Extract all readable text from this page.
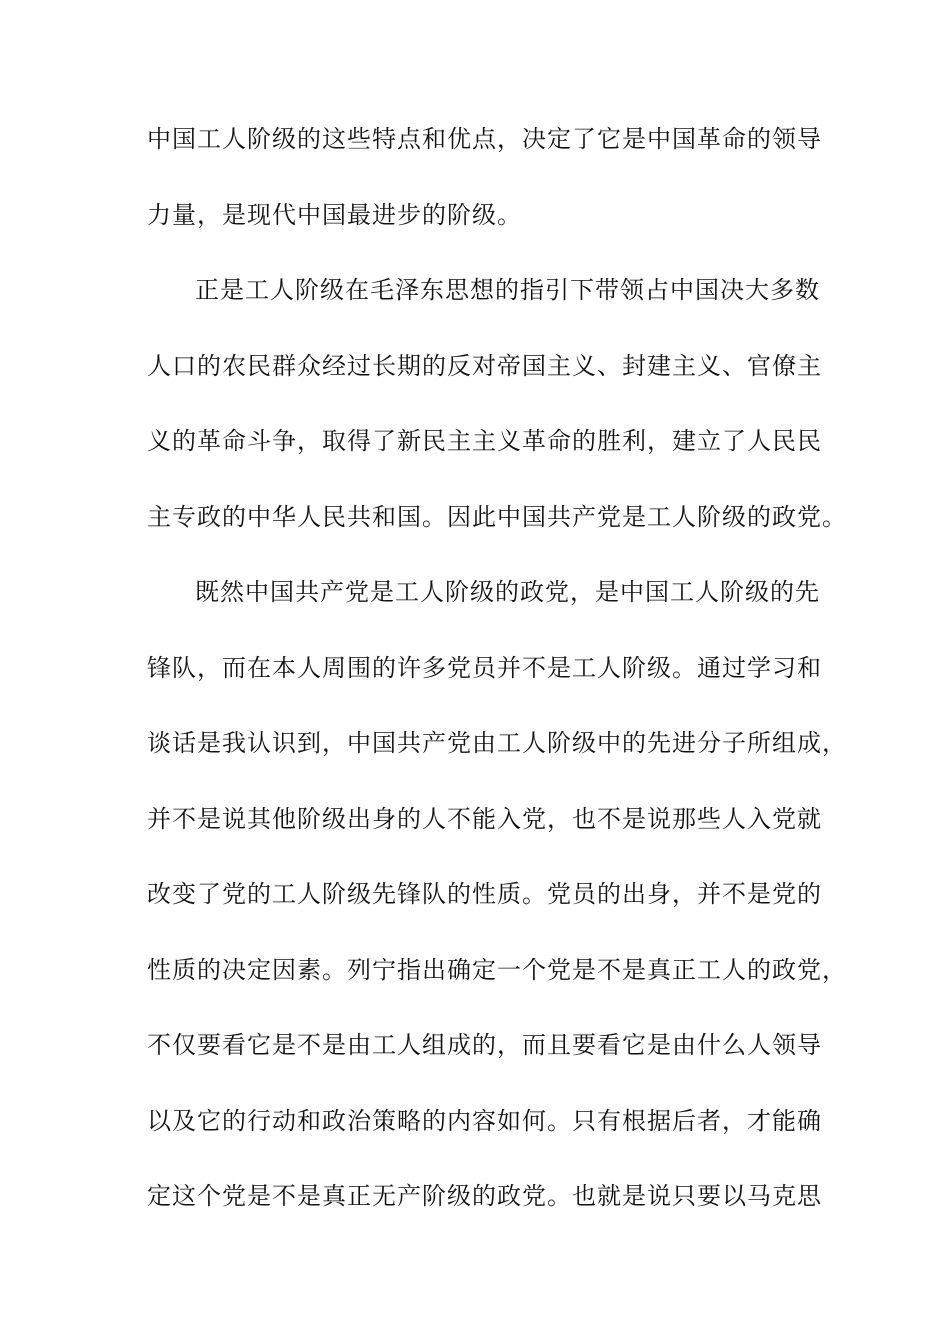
中国工人阶级的这些特点和优点，决定了它是中国革命的领导
力量，是现代中国最进步的阶级。
正是工人阶级在毛泽东思想的指引下带领占中国决大多数
人口的农民群众经过长期的反对帝国主义、封建主义、官僚主
义的革命斗争，取得了新民主主义革命的胜利，建立了人民民
主专政的中华人民共和国。因此中国共产党是工人阶级的政党。
既然中国共产党是工人阶级的政党，是中国工人阶级的先
锋队，而在本人周围的许多党员并不是工人阶级。通过学习和
谈话是我认识到，中国共产党由工人阶级中的先进分子所组成，
并不是说其他阶级出身的人不能入党，也不是说那些人入党就
改变了党的工人阶级先锋队的性质。党员的出身，并不是党的
性质的决定因素。列宁指出确定一个党是不是真正工人的政党，
不仅要看它是不是由工人组成的，而且要看它是由什么人领导
以及它的行动和政治策略的内容如何。只有根据后者，才能确
定这个党是不是真正无产阶级的政党。也就是说只要以马克思
